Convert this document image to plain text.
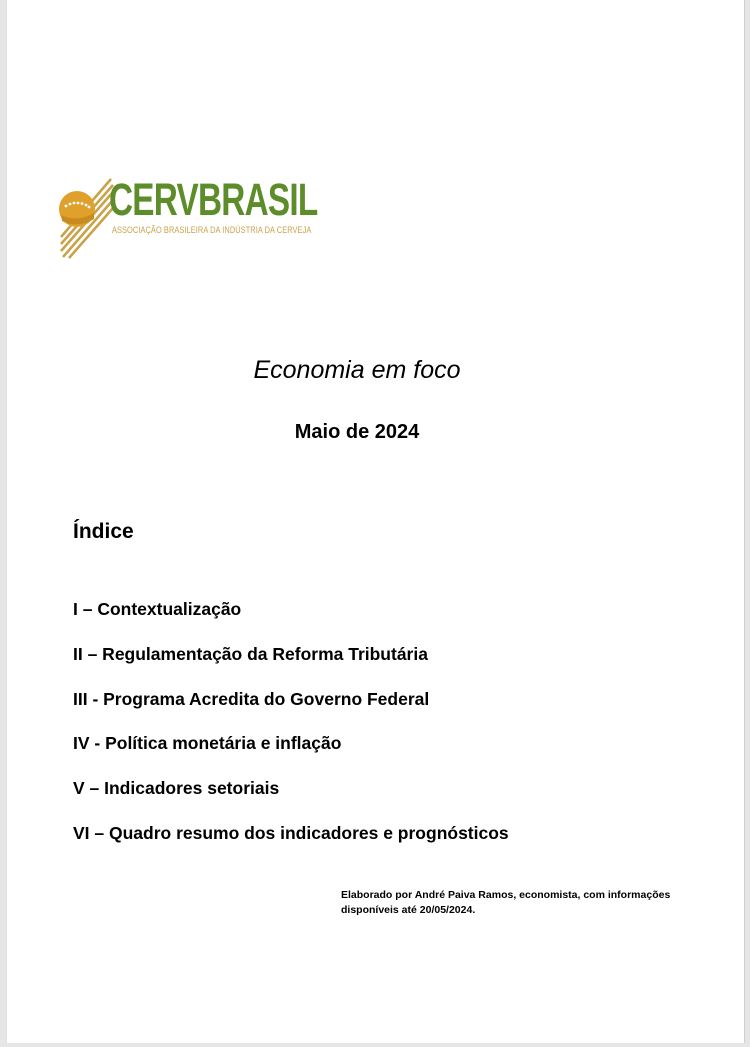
CERVBRASIL
ASSOCIAÇÃO BRASILEIRA DA INDÚSTRIA DA CERVEJA
Economia em foco
Maio de 2024
Índice
I – Contextualização
II – Regulamentação da Reforma Tributária
III - Programa Acredita do Governo Federal
IV - Política monetária e inflação
V – Indicadores setoriais
VI – Quadro resumo dos indicadores e prognósticos
Elaborado por André Paiva Ramos, economista, com informações
disponíveis até 20/05/2024.
